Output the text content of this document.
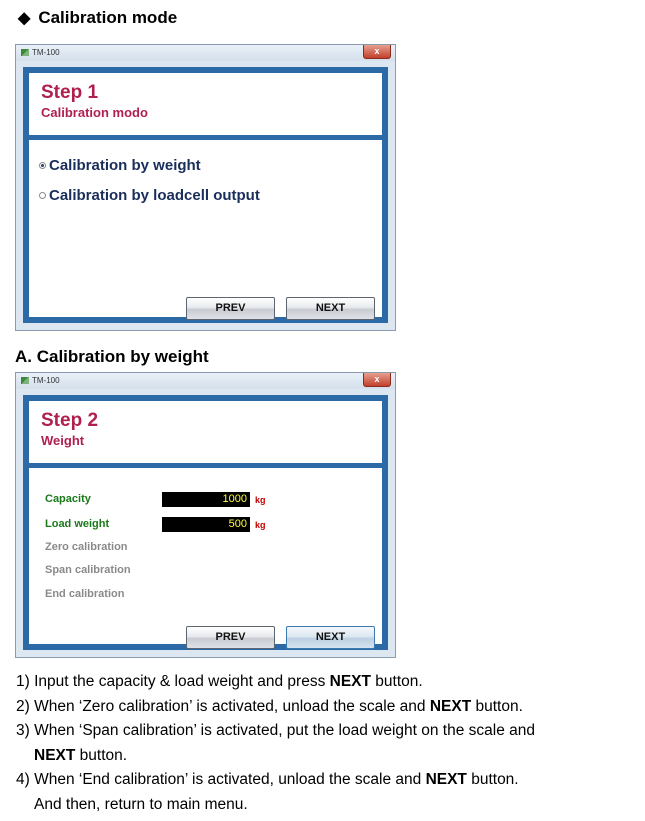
◆ Calibration mode
TM-100	x
Step 1
Calibration modo
Calibration by weight
Calibration by loadcell output
PREV	NEXT
A. Calibration by weight
TM-100	x
Step 2
Weight
Capacity	1000 kg
Load weight	500 kg
Zero calibration
Span calibration
End calibration
PREV	NEXT
1) Input the capacity & load weight and press NEXT button.
2) When ‘Zero calibration’ is activated, unload the scale and NEXT button.
3) When ‘Span calibration’ is activated, put the load weight on the scale and
NEXT button.
4) When ‘End calibration’ is activated, unload the scale and NEXT button.
And then, return to main menu.
